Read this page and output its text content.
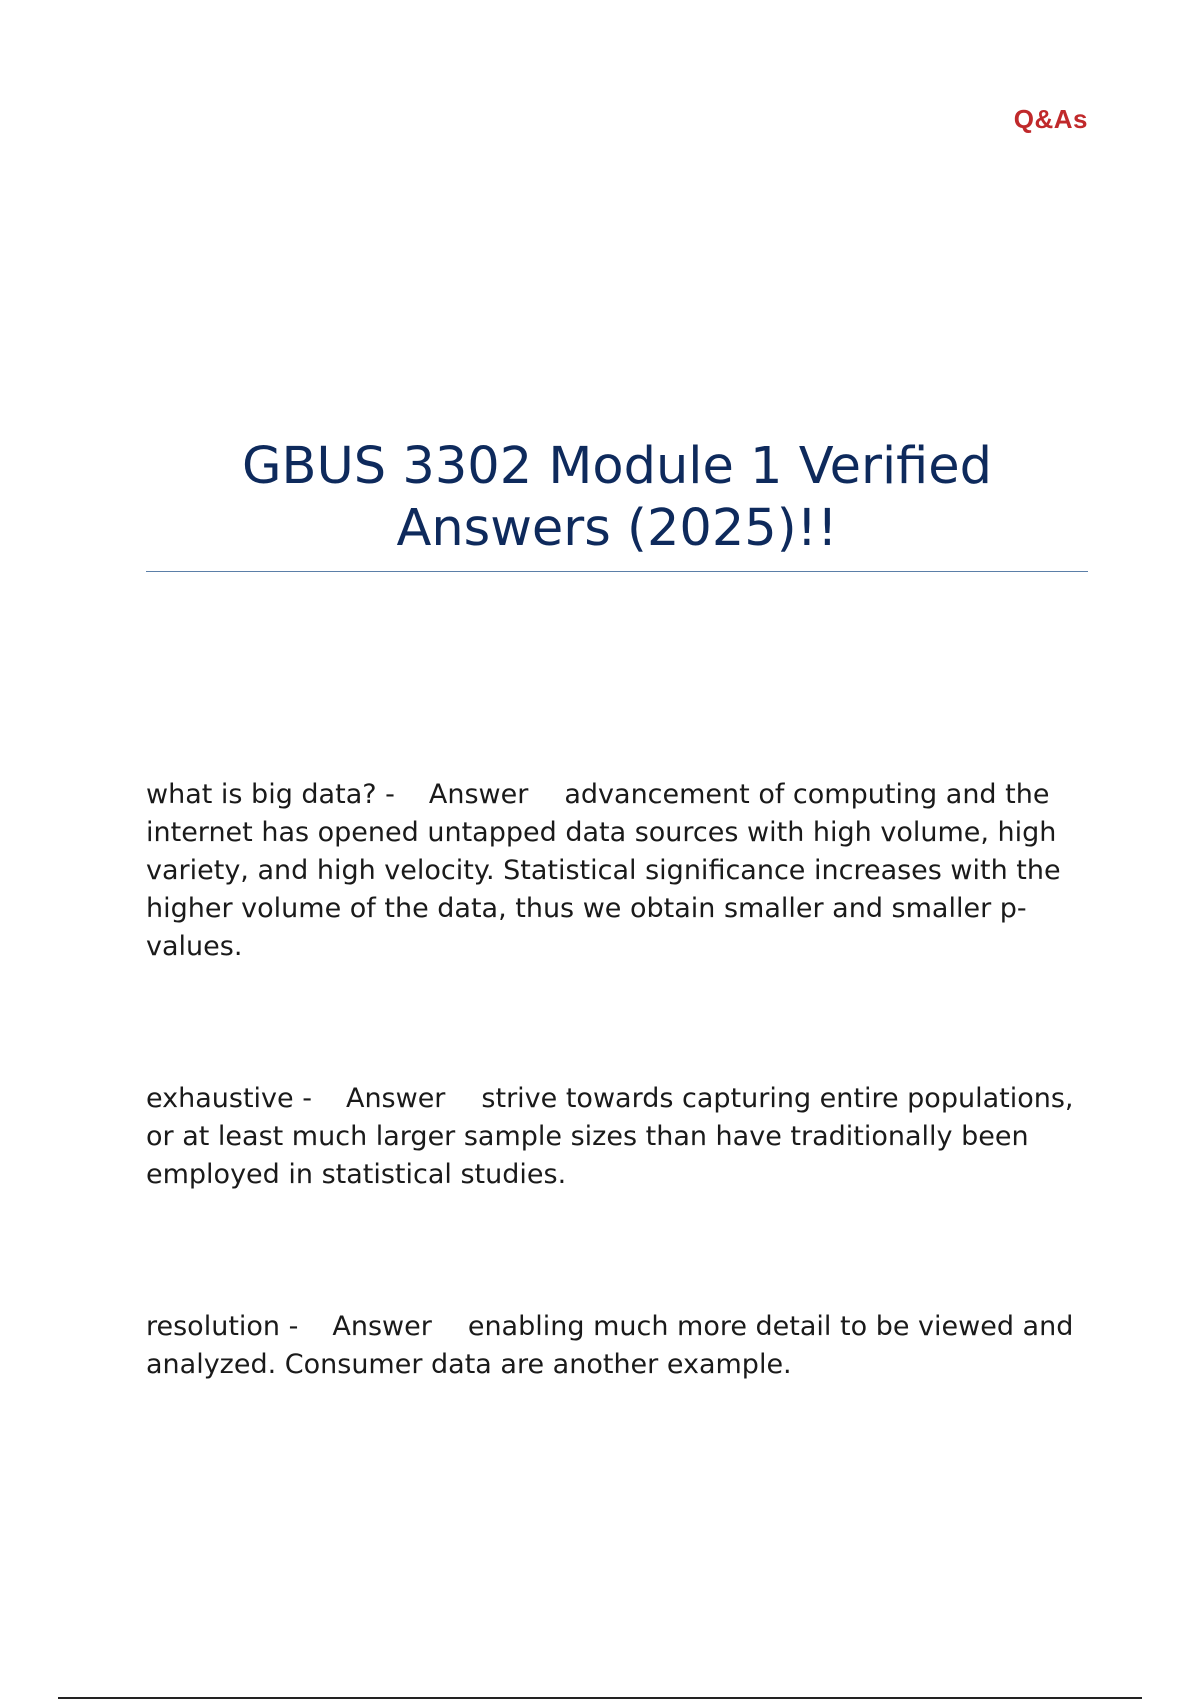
Q&As
GBUS 3302 Module 1 Verified
Answers (2025)!!

what is big data? - Answer advancement of computing and the internet has opened untapped data sources with high volume, high variety, and high velocity. Statistical significance increases with the higher volume of the data, thus we obtain smaller and smaller p-values.

exhaustive - Answer strive towards capturing entire populations, or at least much larger sample sizes than have traditionally been employed in statistical studies.

resolution - Answer enabling much more detail to be viewed and analyzed. Consumer data are another example.
